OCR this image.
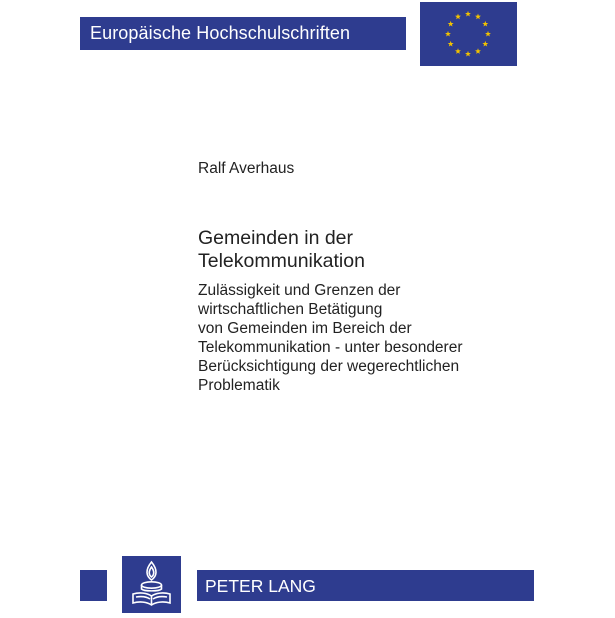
Europäische Hochschulschriften
Ralf Averhaus
Gemeinden in der
Telekommunikation
Zulässigkeit und Grenzen der
wirtschaftlichen Betätigung
von Gemeinden im Bereich der
Telekommunikation - unter besonderer
Berücksichtigung der wegerechtlichen
Problematik
PETER LANG
